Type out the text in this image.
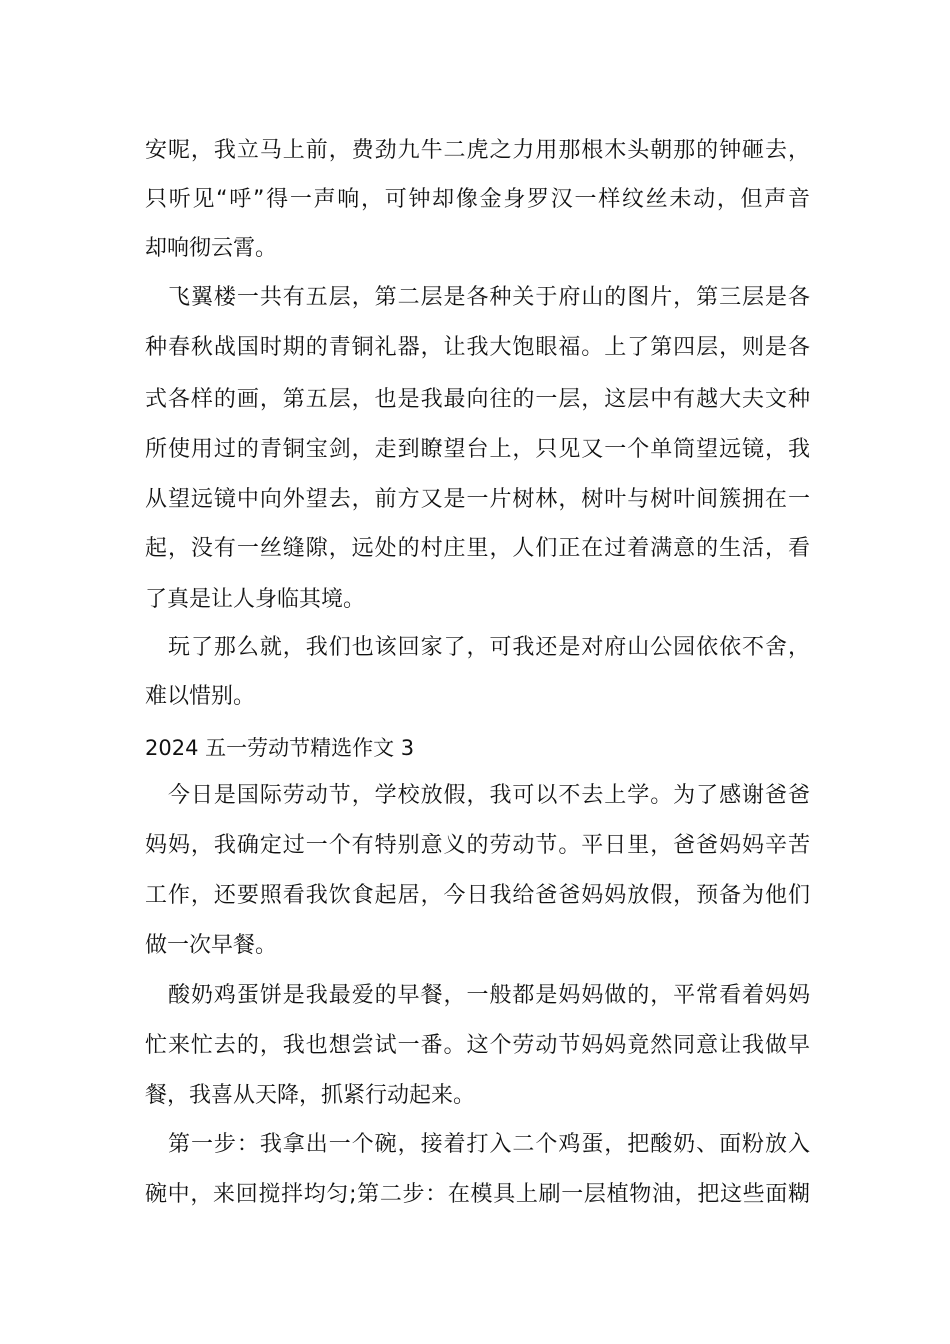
安呢，我立马上前，费劲九牛二虎之力用那根木头朝那的钟砸去，
只听见“呼”得一声响，可钟却像金身罗汉一样纹丝未动，但声音
却响彻云霄。
飞翼楼一共有五层，第二层是各种关于府山的图片，第三层是各
种春秋战国时期的青铜礼器，让我大饱眼福。上了第四层，则是各
式各样的画，第五层，也是我最向往的一层，这层中有越大夫文种
所使用过的青铜宝剑，走到瞭望台上，只见又一个单筒望远镜，我
从望远镜中向外望去，前方又是一片树林，树叶与树叶间簇拥在一
起，没有一丝缝隙，远处的村庄里，人们正在过着满意的生活，看
了真是让人身临其境。
玩了那么就，我们也该回家了，可我还是对府山公园依依不舍，
难以惜别。
2024 五一劳动节精选作文 3
今日是国际劳动节，学校放假，我可以不去上学。为了感谢爸爸
妈妈，我确定过一个有特别意义的劳动节。平日里，爸爸妈妈辛苦
工作，还要照看我饮食起居，今日我给爸爸妈妈放假，预备为他们
做一次早餐。
酸奶鸡蛋饼是我最爱的早餐，一般都是妈妈做的，平常看着妈妈
忙来忙去的，我也想尝试一番。这个劳动节妈妈竟然同意让我做早
餐，我喜从天降，抓紧行动起来。
第一步：我拿出一个碗，接着打入二个鸡蛋，把酸奶、面粉放入
碗中，来回搅拌均匀;第二步：在模具上刷一层植物油，把这些面糊
